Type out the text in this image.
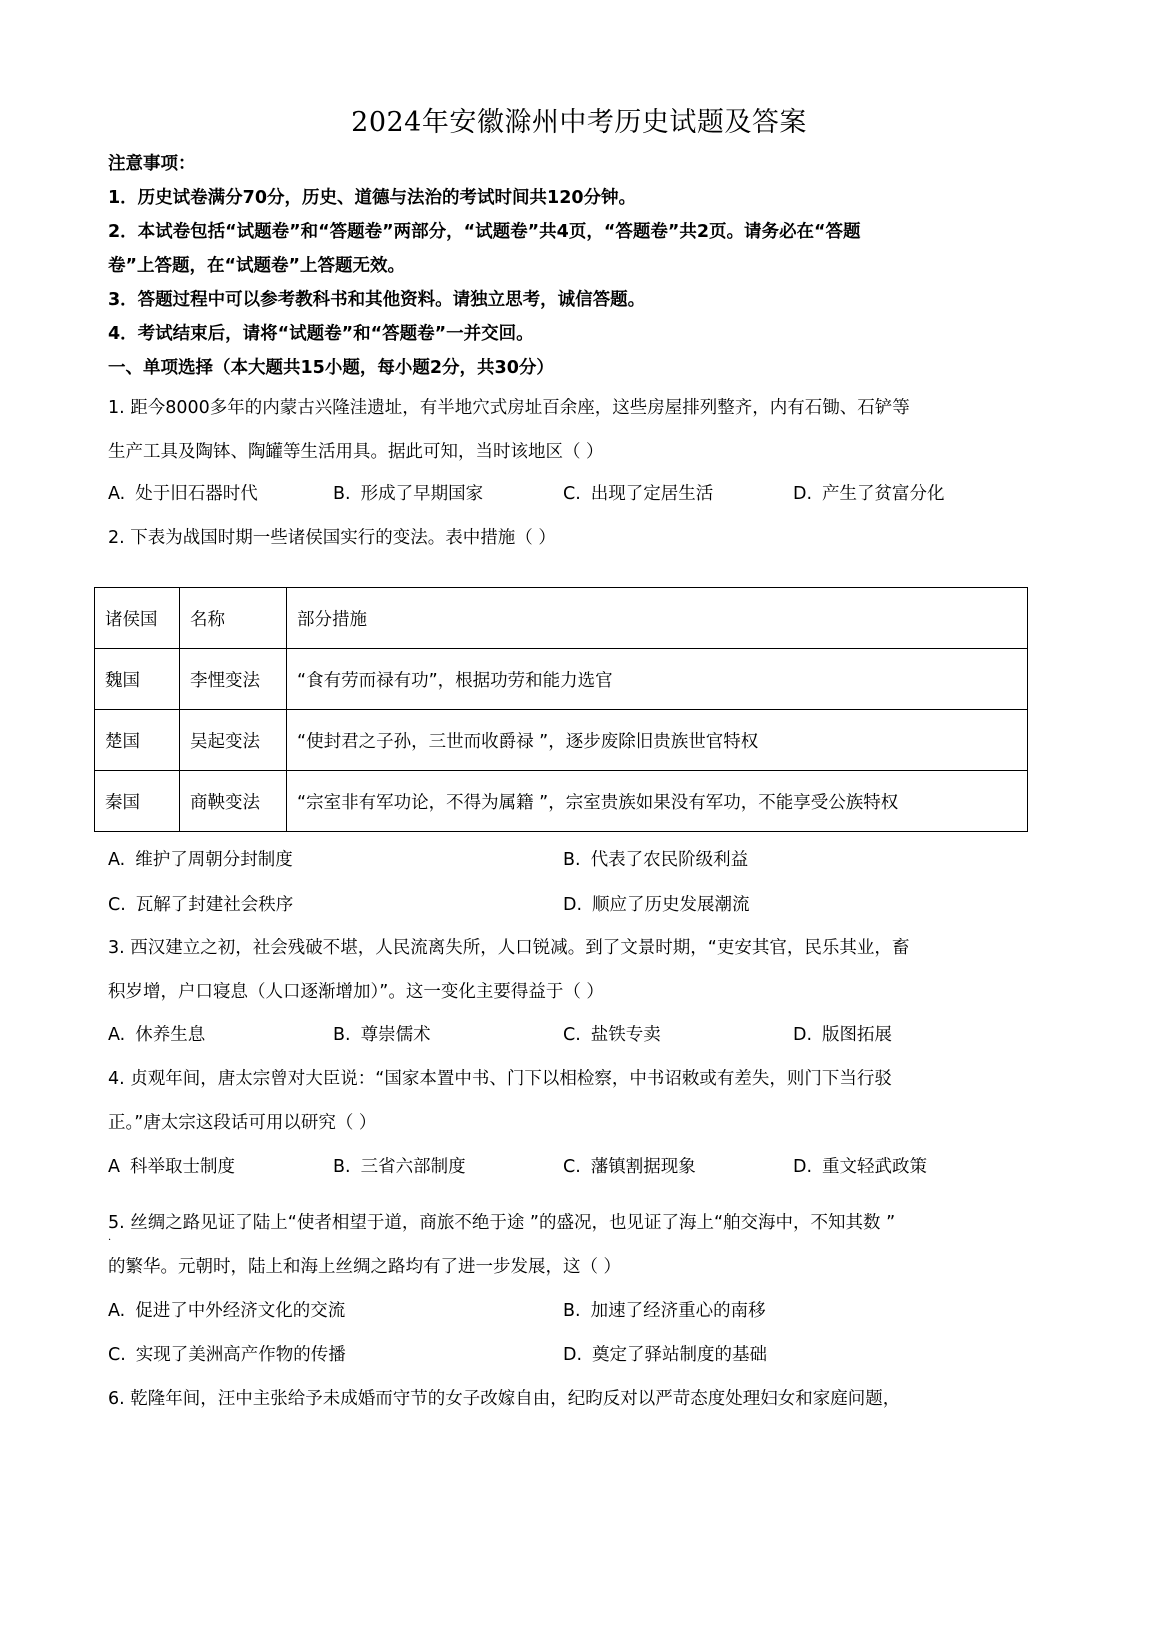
2024年安徽滁州中考历史试题及答案
注意事项：
1．历史试卷满分70分，历史、道德与法治的考试时间共120分钟。
2．本试卷包括“试题卷”和“答题卷”两部分，“试题卷”共4页，“答题卷”共2页。请务必在“答题
卷”上答题，在“试题卷”上答题无效。
3．答题过程中可以参考教科书和其他资料。请独立思考，诚信答题。
4．考试结束后，请将“试题卷”和“答题卷”一并交回。
一、单项选择（本大题共15小题，每小题2分，共30分）
1. 距今8000多年的内蒙古兴隆洼遗址，有半地穴式房址百余座，这些房屋排列整齐，内有石锄、石铲等
生产工具及陶钵、陶罐等生活用具。据此可知，当时该地区（ ）
A. 处于旧石器时代	B. 形成了早期国家	C. 出现了定居生活	D. 产生了贫富分化
2. 下表为战国时期一些诸侯国实行的变法。表中措施（ ）
诸侯国	名称	部分措施
魏国	李悝变法	“食有劳而禄有功”，根据功劳和能力选官
楚国	吴起变法	“使封君之子孙，三世而收爵禄 ”，逐步废除旧贵族世官特权
秦国	商鞅变法	“宗室非有军功论，不得为属籍 ”，宗室贵族如果没有军功，不能享受公族特权
A. 维护了周朝分封制度	B. 代表了农民阶级利益
C. 瓦解了封建社会秩序	D. 顺应了历史发展潮流
3. 西汉建立之初，社会残破不堪，人民流离失所，人口锐减。到了文景时期，“吏安其官，民乐其业，畜
积岁增，户口寝息（人口逐渐增加）”。这一变化主要得益于（ ）
A. 休养生息	B. 尊崇儒术	C. 盐铁专卖	D. 版图拓展
4. 贞观年间，唐太宗曾对大臣说：“国家本置中书、门下以相检察，中书诏敕或有差失，则门下当行驳
正。”唐太宗这段话可用以研究（ ）
A 科举取士制度	B. 三省六部制度	C. 藩镇割据现象	D. 重文轻武政策
·
5. 丝绸之路见证了陆上“使者相望于道，商旅不绝于途 ”的盛况，也见证了海上“舶交海中，不知其数 ”
的繁华。元朝时，陆上和海上丝绸之路均有了进一步发展，这（ ）
A. 促进了中外经济文化的交流	B. 加速了经济重心的南移
C. 实现了美洲高产作物的传播	D. 奠定了驿站制度的基础
6. 乾隆年间，汪中主张给予未成婚而守节的女子改嫁自由，纪昀反对以严苛态度处理妇女和家庭问题，
